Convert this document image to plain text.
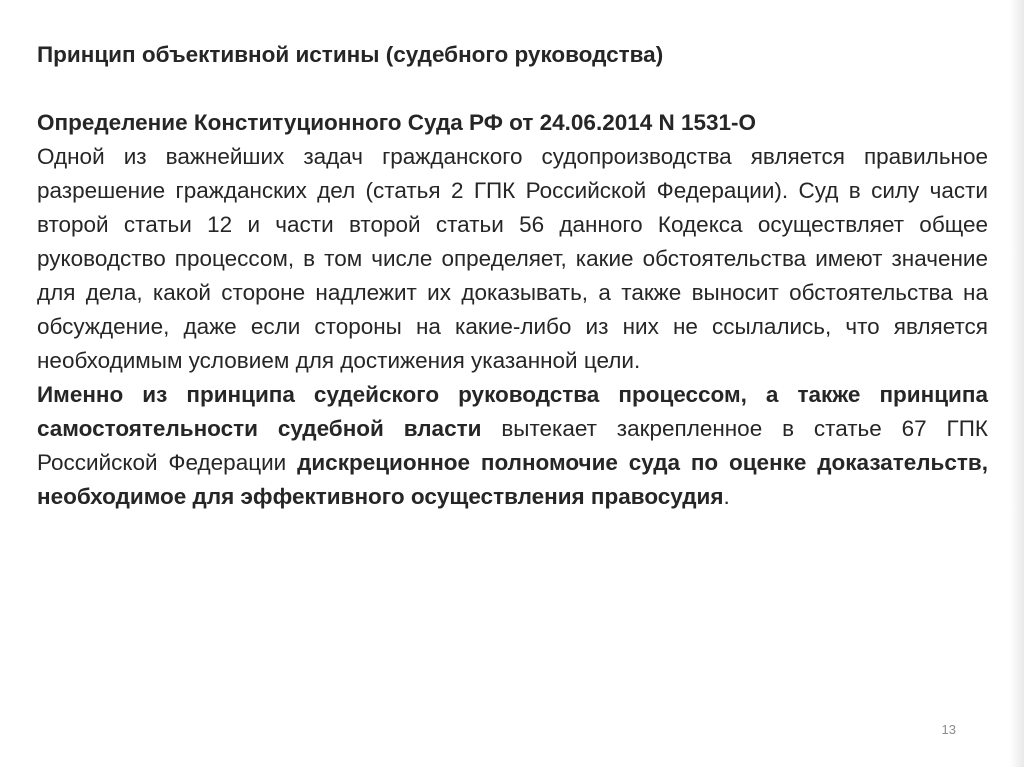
Принцип объективной истины (судебного руководства)

Определение Конституционного Суда РФ от 24.06.2014 N 1531-О

Одной из важнейших задач гражданского судопроизводства является правильное разрешение гражданских дел (статья 2 ГПК Российской Федерации). Суд в силу части второй статьи 12 и части второй статьи 56 данного Кодекса осуществляет общее руководство процессом, в том числе определяет, какие обстоятельства имеют значение для дела, какой стороне надлежит их доказывать, а также выносит обстоятельства на обсуждение, даже если стороны на какие-либо из них не ссылались, что является необходимым условием для достижения указанной цели.

Именно из принципа судейского руководства процессом, а также принципа самостоятельности судебной власти вытекает закрепленное в статье 67 ГПК Российской Федерации дискреционное полномочие суда по оценке доказательств, необходимое для эффективного осуществления правосудия.

13
